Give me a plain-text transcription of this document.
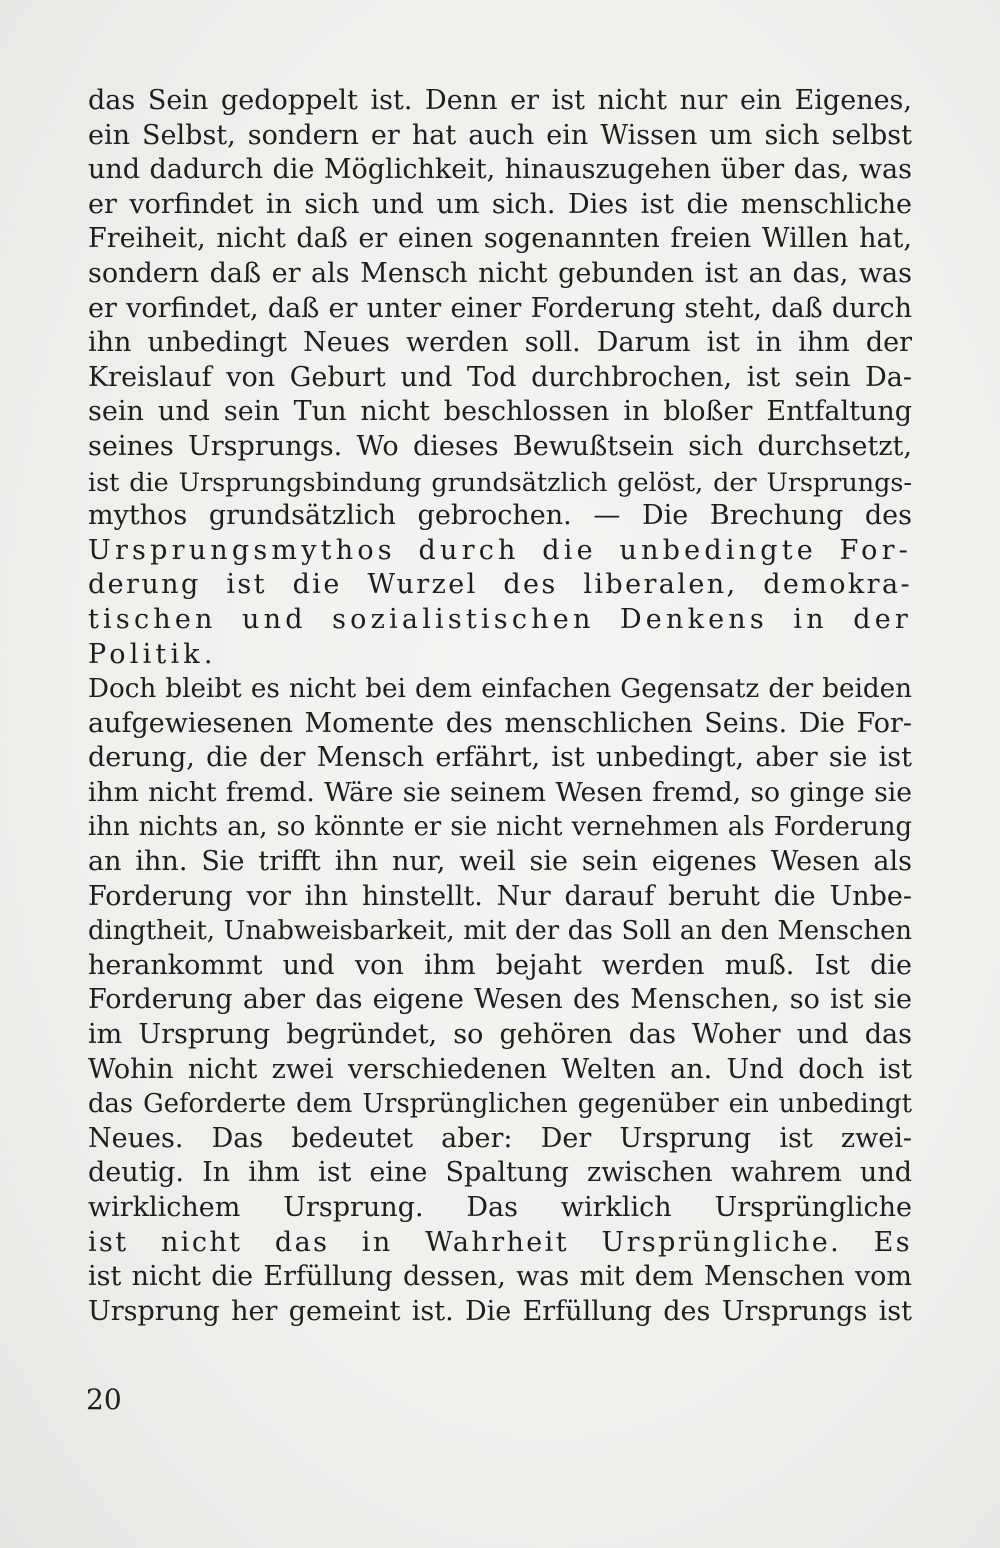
das Sein gedoppelt ist. Denn er ist nicht nur ein Eigenes,
ein Selbst, sondern er hat auch ein Wissen um sich selbst
und dadurch die Möglichkeit, hinauszugehen über das, was
er vorfindet in sich und um sich. Dies ist die menschliche
Freiheit, nicht daß er einen sogenannten freien Willen hat,
sondern daß er als Mensch nicht gebunden ist an das, was
er vorfindet, daß er unter einer Forderung steht, daß durch
ihn unbedingt Neues werden soll. Darum ist in ihm der
Kreislauf von Geburt und Tod durchbrochen, ist sein Da-
sein und sein Tun nicht beschlossen in bloßer Entfaltung
seines Ursprungs. Wo dieses Bewußtsein sich durchsetzt,
ist die Ursprungsbindung grundsätzlich gelöst, der Ursprungs-
mythos grundsätzlich gebrochen. — Die Brechung des
Ursprungsmythos durch die unbedingte For-
derung ist die Wurzel des liberalen, demokra-
tischen und sozialistischen Denkens in der
Politik.
Doch bleibt es nicht bei dem einfachen Gegensatz der beiden
aufgewiesenen Momente des menschlichen Seins. Die For-
derung, die der Mensch erfährt, ist unbedingt, aber sie ist
ihm nicht fremd. Wäre sie seinem Wesen fremd, so ginge sie
ihn nichts an, so könnte er sie nicht vernehmen als Forderung
an ihn. Sie trifft ihn nur, weil sie sein eigenes Wesen als
Forderung vor ihn hinstellt. Nur darauf beruht die Unbe-
dingtheit, Unabweisbarkeit, mit der das Soll an den Menschen
herankommt und von ihm bejaht werden muß. Ist die
Forderung aber das eigene Wesen des Menschen, so ist sie
im Ursprung begründet, so gehören das Woher und das
Wohin nicht zwei verschiedenen Welten an. Und doch ist
das Geforderte dem Ursprünglichen gegenüber ein unbedingt
Neues. Das bedeutet aber: Der Ursprung ist zwei-
deutig. In ihm ist eine Spaltung zwischen wahrem und
wirklichem Ursprung. Das wirklich Ursprüngliche
ist nicht das in Wahrheit Ursprüngliche. Es
ist nicht die Erfüllung dessen, was mit dem Menschen vom
Ursprung her gemeint ist. Die Erfüllung des Ursprungs ist
20
